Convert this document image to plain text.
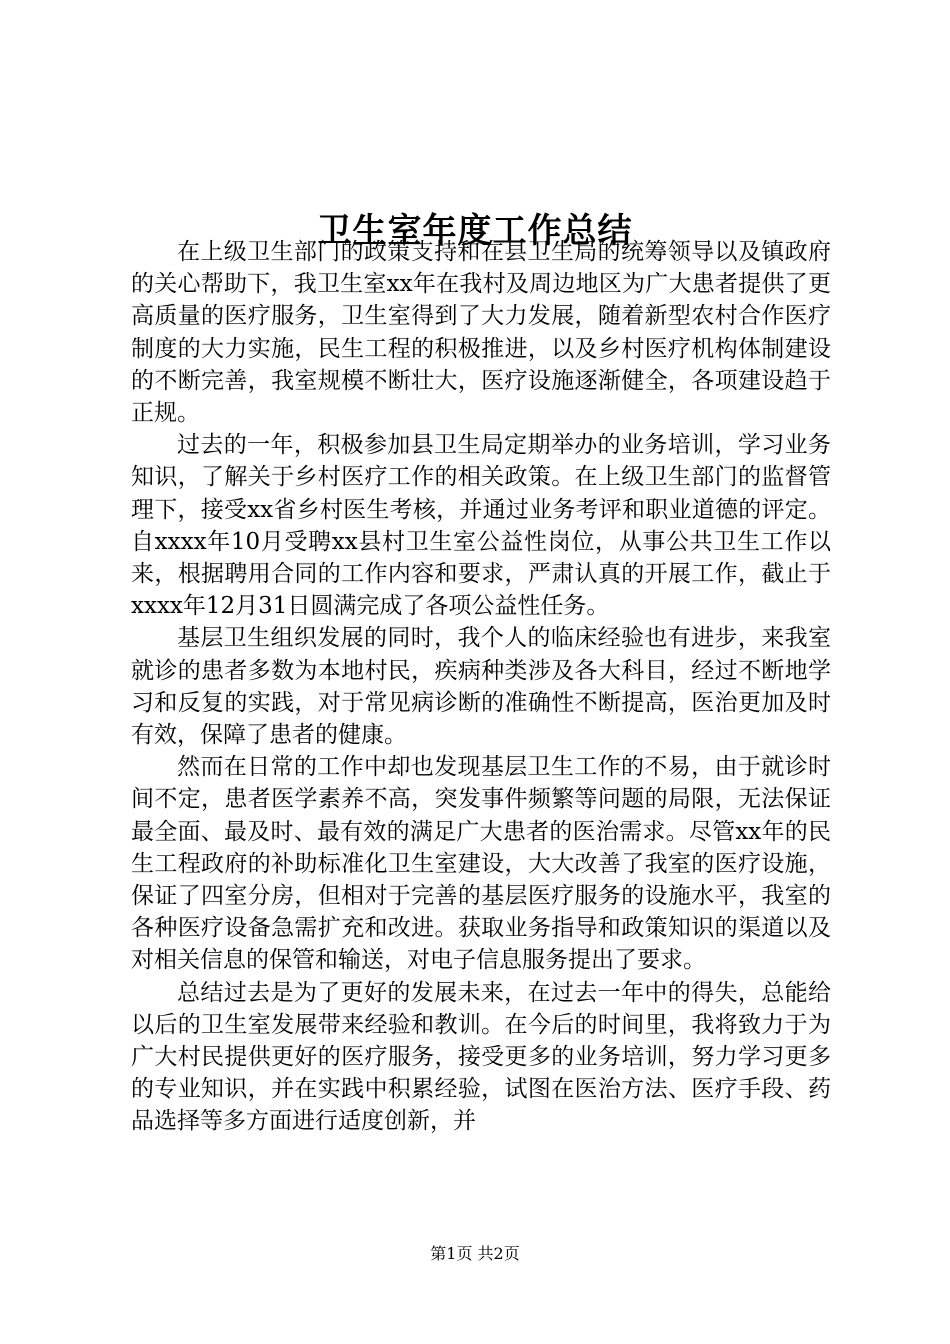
卫生室年度工作总结

在上级卫生部门的政策支持和在县卫生局的统筹领导以及镇政府的关心帮助下，我卫生室xx年在我村及周边地区为广大患者提供了更高质量的医疗服务，卫生室得到了大力发展，随着新型农村合作医疗制度的大力实施，民生工程的积极推进，以及乡村医疗机构体制建设的不断完善，我室规模不断壮大，医疗设施逐渐健全，各项建设趋于正规。

过去的一年，积极参加县卫生局定期举办的业务培训，学习业务知识，了解关于乡村医疗工作的相关政策。在上级卫生部门的监督管理下，接受xx省乡村医生考核，并通过业务考评和职业道德的评定。自xxxx年10月受聘xx县村卫生室公益性岗位，从事公共卫生工作以来，根据聘用合同的工作内容和要求，严肃认真的开展工作，截止于xxxx年12月31日圆满完成了各项公益性任务。

基层卫生组织发展的同时，我个人的临床经验也有进步，来我室就诊的患者多数为本地村民，疾病种类涉及各大科目，经过不断地学习和反复的实践，对于常见病诊断的准确性不断提高，医治更加及时有效，保障了患者的健康。

然而在日常的工作中却也发现基层卫生工作的不易，由于就诊时间不定，患者医学素养不高，突发事件频繁等问题的局限，无法保证最全面、最及时、最有效的满足广大患者的医治需求。尽管xx年的民生工程政府的补助标准化卫生室建设，大大改善了我室的医疗设施，保证了四室分房，但相对于完善的基层医疗服务的设施水平，我室的各种医疗设备急需扩充和改进。获取业务指导和政策知识的渠道以及对相关信息的保管和输送，对电子信息服务提出了要求。

总结过去是为了更好的发展未来，在过去一年中的得失，总能给以后的卫生室发展带来经验和教训。在今后的时间里，我将致力于为广大村民提供更好的医疗服务，接受更多的业务培训，努力学习更多的专业知识，并在实践中积累经验，试图在医治方法、医疗手段、药品选择等多方面进行适度创新，并

第1页 共2页
